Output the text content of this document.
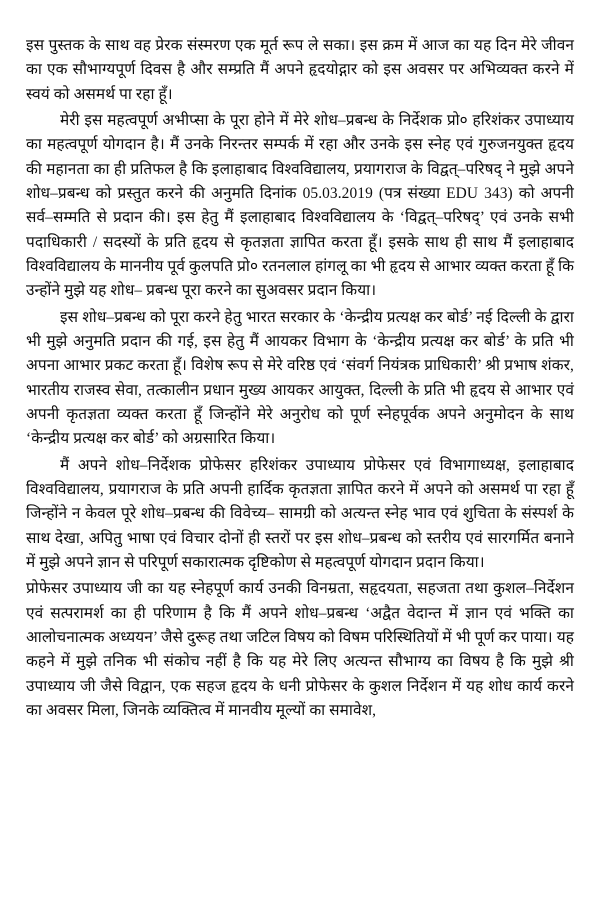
इस पुस्तक के साथ वह प्रेरक संस्मरण एक मूर्त रूप ले सका। इस क्रम में आज का यह दिन मेरे जीवन का एक सौभाग्यपूर्ण दिवस है और सम्प्रति मैं अपने हृदयोद्गार को इस अवसर पर अभिव्यक्त करने में स्वयं को असमर्थ पा रहा हूँ।

मेरी इस महत्वपूर्ण अभीप्सा के पूरा होने में मेरे शोध–प्रबन्ध के निर्देशक प्रो० हरिशंकर उपाध्याय का महत्वपूर्ण योगदान है। मैं उनके निरन्तर सम्पर्क में रहा और उनके इस स्नेह एवं गुरुजनयुक्त हृदय की महानता का ही प्रतिफल है कि इलाहाबाद विश्वविद्यालय, प्रयागराज के विद्वत्–परिषद् ने मुझे अपने शोध–प्रबन्ध को प्रस्तुत करने की अनुमति दिनांक 05.03.2019 (पत्र संख्या EDU 343) को अपनी सर्व–सम्मति से प्रदान की। इस हेतु मैं इलाहाबाद विश्वविद्यालय के ‘विद्वत्–परिषद्’ एवं उनके सभी पदाधिकारी / सदस्यों के प्रति हृदय से कृतज्ञता ज्ञापित करता हूँ। इसके साथ ही साथ मैं इलाहाबाद विश्वविद्यालय के माननीय पूर्व कुलपति प्रो० रतनलाल हांगलू का भी हृदय से आभार व्यक्त करता हूँ कि उन्होंने मुझे यह शोध– प्रबन्ध पूरा करने का सुअवसर प्रदान किया।

इस शोध–प्रबन्ध को पूरा करने हेतु भारत सरकार के ‘केन्द्रीय प्रत्यक्ष कर बोर्ड’ नई दिल्ली के द्वारा भी मुझे अनुमति प्रदान की गई, इस हेतु मैं आयकर विभाग के ‘केन्द्रीय प्रत्यक्ष कर बोर्ड’ के प्रति भी अपना आभार प्रकट करता हूँ। विशेष रूप से मेरे वरिष्ठ एवं ‘संवर्ग नियंत्रक प्राधिकारी’ श्री प्रभाष शंकर, भारतीय राजस्व सेवा, तत्कालीन प्रधान मुख्य आयकर आयुक्त, दिल्ली के प्रति भी हृदय से आभार एवं अपनी कृतज्ञता व्यक्त करता हूँ जिन्होंने मेरे अनुरोध को पूर्ण स्नेहपूर्वक अपने अनुमोदन के साथ ‘केन्द्रीय प्रत्यक्ष कर बोर्ड’ को अग्रसारित किया।

मैं अपने शोध–निर्देशक प्रोफेसर हरिशंकर उपाध्याय प्रोफेसर एवं विभागाध्यक्ष, इलाहाबाद विश्वविद्यालय, प्रयागराज के प्रति अपनी हार्दिक कृतज्ञता ज्ञापित करने में अपने को असमर्थ पा रहा हूँ जिन्होंने न केवल पूरे शोध–प्रबन्ध की विवेच्य– सामग्री को अत्यन्त स्नेह भाव एवं शुचिता के संस्पर्श के साथ देखा, अपितु भाषा एवं विचार दोनों ही स्तरों पर इस शोध–प्रबन्ध को स्तरीय एवं सारगर्मित बनाने में मुझे अपने ज्ञान से परिपूर्ण सकारात्मक दृष्टिकोण से महत्वपूर्ण योगदान प्रदान किया।

प्रोफेसर उपाध्याय जी का यह स्नेहपूर्ण कार्य उनकी विनम्रता, सहृदयता, सहजता तथा कुशल–निर्देशन एवं सत्परामर्श का ही परिणाम है कि मैं अपने शोध–प्रबन्ध ‘अद्वैत वेदान्त में ज्ञान एवं भक्ति का आलोचनात्मक अध्ययन’ जैसे दुरूह तथा जटिल विषय को विषम परिस्थितियों में भी पूर्ण कर पाया। यह कहने में मुझे तनिक भी संकोच नहीं है कि यह मेरे लिए अत्यन्त सौभाग्य का विषय है कि मुझे श्री उपाध्याय जी जैसे विद्वान, एक सहज हृदय के धनी प्रोफेसर के कुशल निर्देशन में यह शोध कार्य करने का अवसर मिला, जिनके व्यक्तित्व में मानवीय मूल्यों का समावेश,
